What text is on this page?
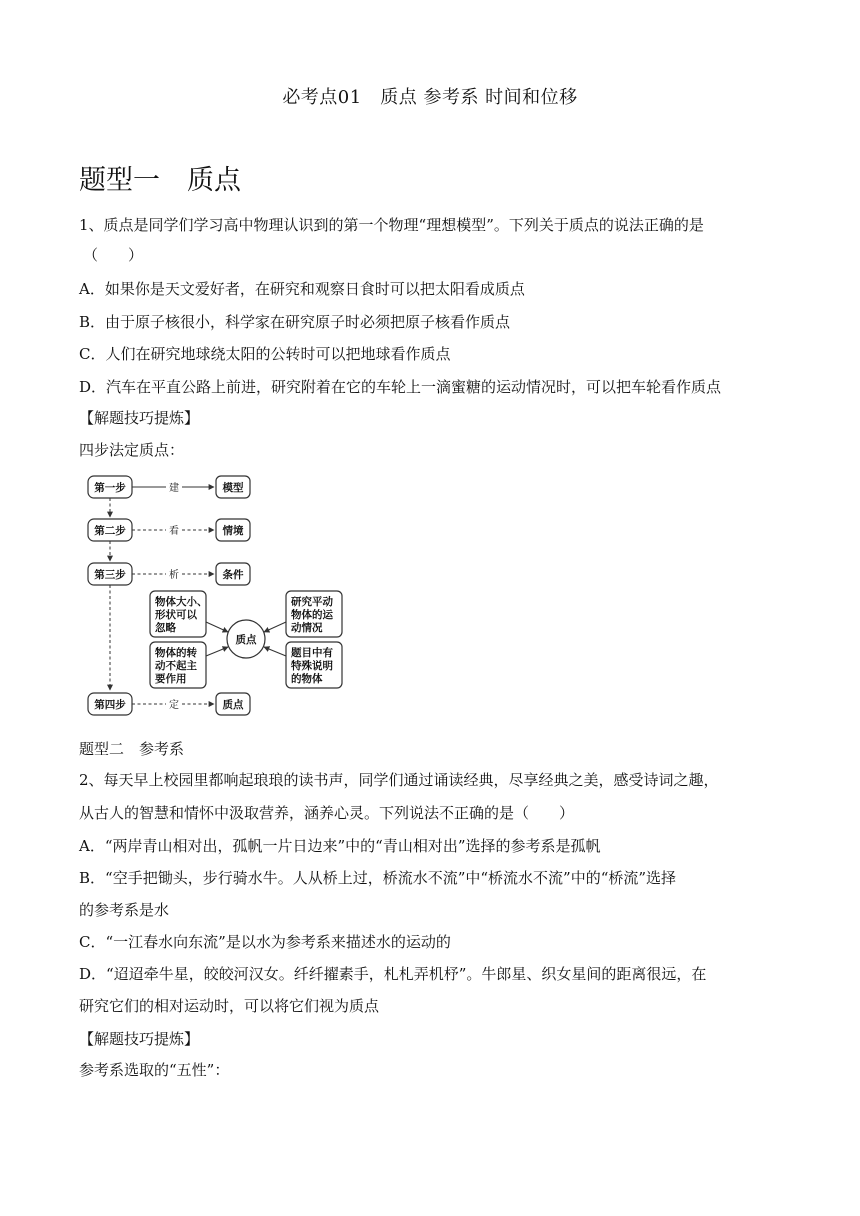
必考点01　质点 参考系 时间和位移
题型一　质点
1、质点是同学们学习高中物理认识到的第一个物理“理想模型”。下列关于质点的说法正确的是
（　　）
A．如果你是天文爱好者，在研究和观察日食时可以把太阳看成质点
B．由于原子核很小，科学家在研究原子时必须把原子核看作质点
C．人们在研究地球绕太阳的公转时可以把地球看作质点
D．汽车在平直公路上前进，研究附着在它的车轮上一滴蜜糖的运动情况时，可以把车轮看作质点
【解题技巧提炼】
四步法定质点：
第一步
第二步
第三步
第四步
建
看
析
定
模型
情境
条件
质点
物体大小、
形状可以
忽略
物体的转
动不起主
要作用
研究平动
物体的运
动情况
题目中有
特殊说明
的物体
质点
题型二　参考系
2、每天早上校园里都响起琅琅的读书声，同学们通过诵读经典，尽享经典之美，感受诗词之趣，
从古人的智慧和情怀中汲取营养，涵养心灵。下列说法不正确的是（　　）
A．“两岸青山相对出，孤帆一片日边来”中的“青山相对出”选择的参考系是孤帆
B．“空手把锄头，步行骑水牛。人从桥上过，桥流水不流”中“桥流水不流”中的“桥流”选择
的参考系是水
C．“一江春水向东流”是以水为参考系来描述水的运动的
D．“迢迢牵牛星，皎皎河汉女。纤纤擢素手，札札弄机杼”。牛郎星、织女星间的距离很远，在
研究它们的相对运动时，可以将它们视为质点
【解题技巧提炼】
参考系选取的“五性”：
